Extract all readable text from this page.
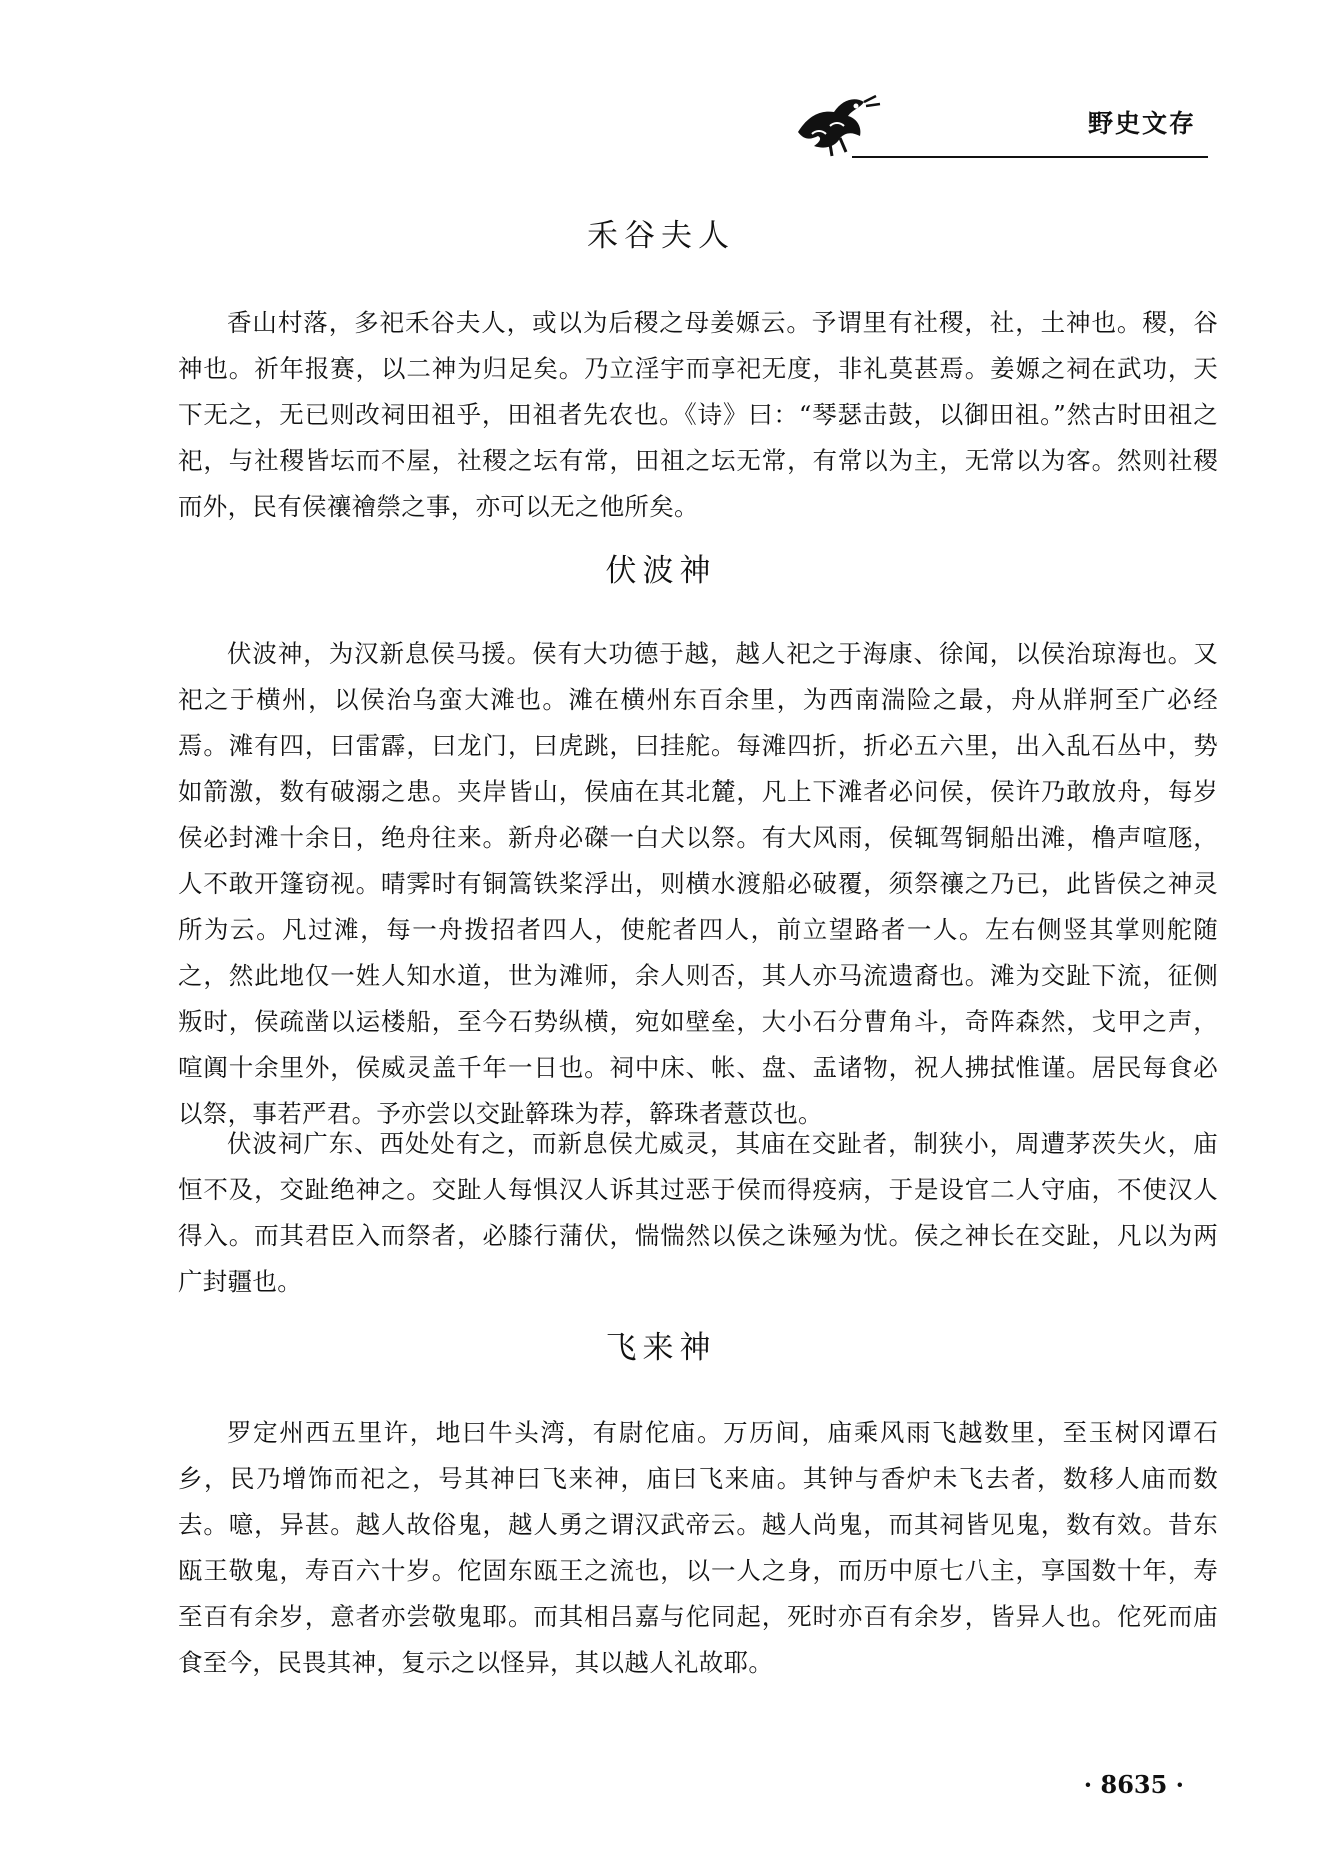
野史文存
禾谷夫人

香山村落，多祀禾谷夫人，或以为后稷之母姜嫄云。予谓里有社稷，社，土神也。稷，谷神也。祈年报赛，以二神为归足矣。乃立淫宇而享祀无度，非礼莫甚焉。姜嫄之祠在武功，天下无之，无已则改祠田祖乎，田祖者先农也。《诗》曰：“琴瑟击鼓，以御田祖。”然古时田祖之祀，与社稷皆坛而不屋，社稷之坛有常，田祖之坛无常，有常以为主，无常以为客。然则社稷而外，民有侯禳禬禜之事，亦可以无之他所矣。

伏波神

伏波神，为汉新息侯马援。侯有大功德于越，越人祀之于海康、徐闻，以侯治琼海也。又祀之于横州，以侯治乌蛮大滩也。滩在横州东百余里，为西南湍险之最，舟从牂牁至广必经焉。滩有四，曰雷霹，曰龙门，曰虎跳，曰挂舵。每滩四折，折必五六里，出入乱石丛中，势如箭激，数有破溺之患。夹岸皆山，侯庙在其北麓，凡上下滩者必问侯，侯许乃敢放舟，每岁侯必封滩十余日，绝舟往来。新舟必磔一白犬以祭。有大风雨，侯辄驾铜船出滩，橹声喧豗，人不敢开篷窃视。晴霁时有铜篙铁桨浮出，则横水渡船必破覆，须祭禳之乃已，此皆侯之神灵所为云。凡过滩，每一舟拨招者四人，使舵者四人，前立望路者一人。左右侧竖其掌则舵随之，然此地仅一姓人知水道，世为滩师，余人则否，其人亦马流遗裔也。滩为交趾下流，征侧叛时，侯疏凿以运楼船，至今石势纵横，宛如壁垒，大小石分曹角斗，奇阵森然，戈甲之声，喧阗十余里外，侯威灵盖千年一日也。祠中床、帐、盘、盂诸物，祝人拂拭惟谨。居民每食必以祭，事若严君。予亦尝以交趾簳珠为荐，簳珠者薏苡也。

伏波祠广东、西处处有之，而新息侯尤威灵，其庙在交趾者，制狭小，周遭茅茨失火，庙恒不及，交趾绝神之。交趾人每惧汉人诉其过恶于侯而得疫病，于是设官二人守庙，不使汉人得入。而其君臣入而祭者，必膝行蒲伏，惴惴然以侯之诛殛为忧。侯之神长在交趾，凡以为两广封疆也。

飞来神

罗定州西五里许，地曰牛头湾，有尉佗庙。万历间，庙乘风雨飞越数里，至玉树冈谭石乡，民乃增饰而祀之，号其神曰飞来神，庙曰飞来庙。其钟与香炉未飞去者，数移人庙而数去。噫，异甚。越人故俗鬼，越人勇之谓汉武帝云。越人尚鬼，而其祠皆见鬼，数有效。昔东瓯王敬鬼，寿百六十岁。佗固东瓯王之流也，以一人之身，而历中原七八主，享国数十年，寿至百有余岁，意者亦尝敬鬼耶。而其相吕嘉与佗同起，死时亦百有余岁，皆异人也。佗死而庙食至今，民畏其神，复示之以怪异，其以越人礼故耶。

· 8635 ·
